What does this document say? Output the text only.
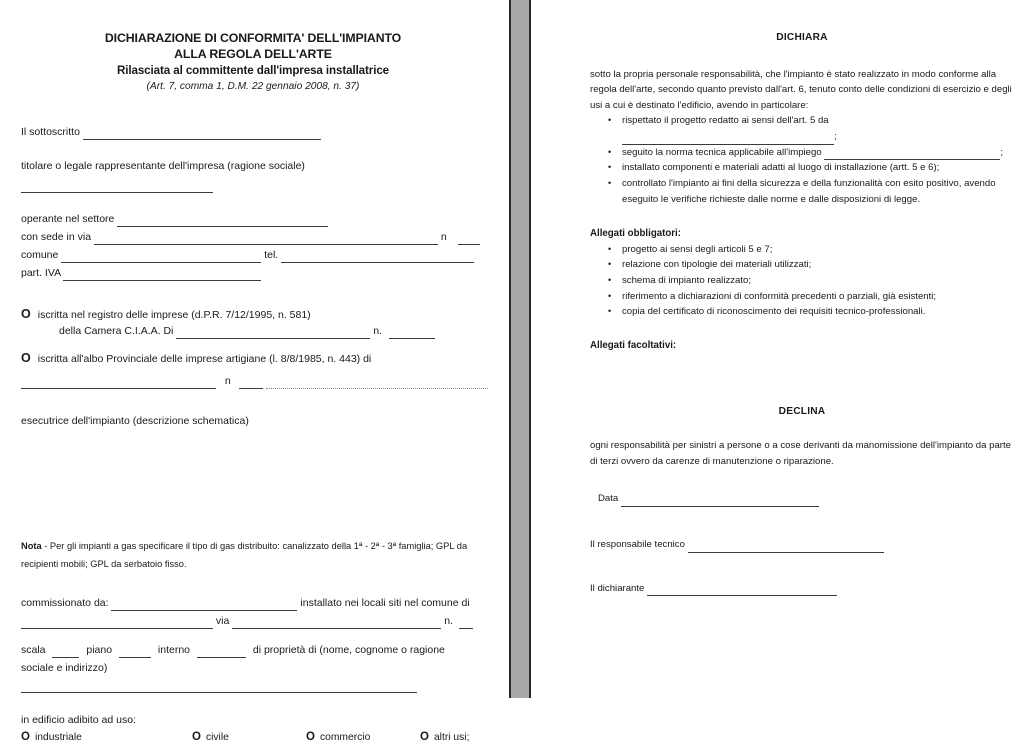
DICHIARAZIONE DI CONFORMITA' DELL'IMPIANTO
ALLA REGOLA DELL'ARTE
Rilasciata al committente dall'impresa installatrice
(Art. 7, comma 1, D.M. 22 gennaio 2008, n. 37)
Il sottoscritto
titolare o legale rappresentante dell'impresa (ragione sociale)
operante nel settore
con sede in via	n
comune	tel.
part. IVA
O iscritta nel registro delle imprese (d.P.R. 7/12/1995, n. 581)
della Camera C.I.A.A. Di	n.
O iscritta all'albo Provinciale delle imprese artigiane (l. 8/8/1985, n. 443) di
n
esecutrice dell'impianto (descrizione schematica)
Nota - Per gli impianti a gas specificare il tipo di gas distribuito: canalizzato della 1ª - 2ª - 3ª famiglia; GPL da recipienti mobili; GPL da serbatoio fisso.
commissionato da:	installato nei locali siti nel comune di
via	n.
scala	piano	interno	di proprietà di (nome, cognome o ragione
sociale e indirizzo)
in edificio adibito ad uso:
O industriale	O civile	O commercio	O altri usi;
DICHIARA
sotto la propria personale responsabilità, che l'impianto è stato realizzato in modo conforme alla regola dell'arte, secondo quanto previsto dall'art. 6, tenuto conto delle condizioni di esercizio e degli usi a cui è destinato l'edificio, avendo in particolare:
• rispettato il progetto redatto ai sensi dell'art. 5 da ;
• seguito la norma tecnica applicabile all'impiego	;
• installato componenti e materiali adatti al luogo di installazione (artt. 5 e 6);
• controllato l'impianto ai fini della sicurezza e della funzionalità con esito positivo, avendo eseguito le verifiche richieste dalle norme e dalle disposizioni di legge.
Allegati obbligatori:
• progetto ai sensi degli articoli 5 e 7;
• relazione con tipologie dei materiali utilizzati;
• schema di impianto realizzato;
• riferimento a dichiarazioni di conformità precedenti o parziali, già esistenti;
• copia del certificato di riconoscimento dei requisiti tecnico-professionali.
Allegati facoltativi:
DECLINA
ogni responsabilità per sinistri a persone o a cose derivanti da manomissione dell'impianto da parte di terzi ovvero da carenze di manutenzione o riparazione.
Data
Il responsabile tecnico
Il dichiarante
